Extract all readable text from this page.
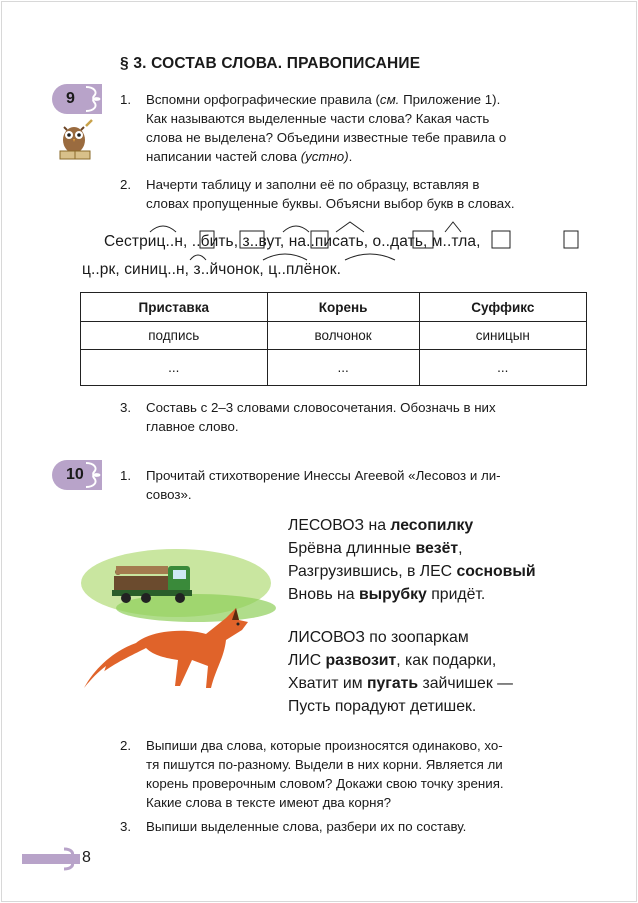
§ 3. СОСТАВ СЛОВА. ПРАВОПИСАНИЕ
9	1. Вспомни орфографические правила (см. Приложение 1).
Как называются выделенные части слова? Какая часть
слова не выделена? Объедини известные тебе правила о
написании частей слова (устно).
2. Начерти таблицу и заполни её по образцу, вставляя в
словах пропущенные буквы. Объясни выбор букв в словах.
Сестриц..н, ..бить, з..вут, на..писать, о..дать, м..тла,
ц..рк, синиц..н, з..йчонок, ц..плёнок.
Приставка	Корень	Суффикс
подпись	волчонок	синицын
...	...	...
3. Составь с 2–3 словами словосочетания. Обозначь в них
главное слово.
10	1. Прочитай стихотворение Инессы Агеевой «Лесовоз и ли-
совоз».
ЛЕСОВОЗ на лесопилку
Брёвна длинные везёт,
Разгрузившись, в ЛЕС сосновый
Вновь на вырубку придёт.
ЛИСОВОЗ по зоопаркам
ЛИС развозит, как подарки,
Хватит им пугать зайчишек —
Пусть порадуют детишек.
2. Выпиши два слова, которые произносятся одинаково, хо-
тя пишутся по-разному. Выдели в них корни. Является ли
корень проверочным словом? Докажи свою точку зрения.
Какие слова в тексте имеют два корня?
3. Выпиши выделенные слова, разбери их по составу.
8
